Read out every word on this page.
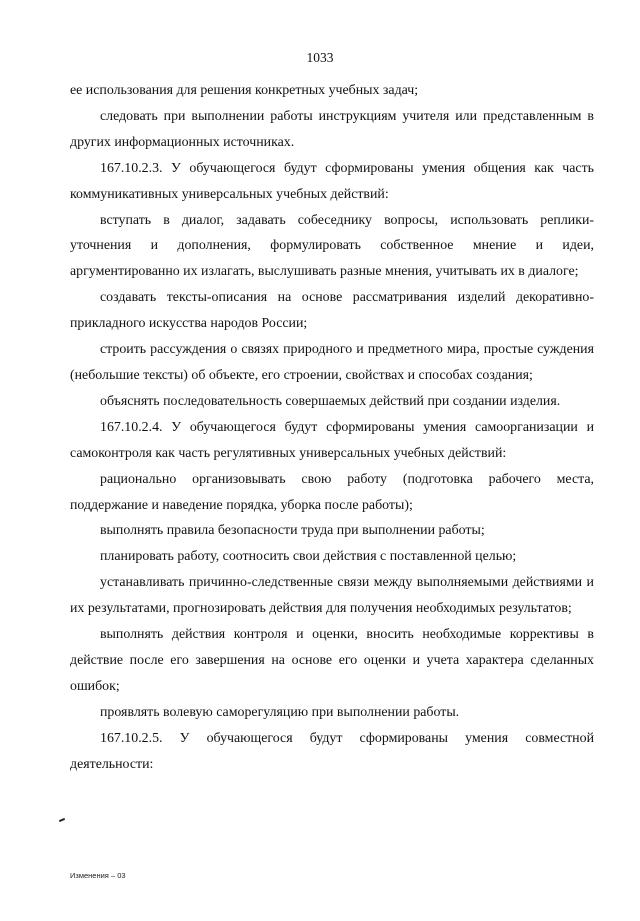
1033

ее использования для решения конкретных учебных задач;

следовать при выполнении работы инструкциям учителя или представленным в других информационных источниках.

167.10.2.3. У обучающегося будут сформированы умения общения как часть коммуникативных универсальных учебных действий:

вступать в диалог, задавать собеседнику вопросы, использовать реплики-уточнения и дополнения, формулировать собственное мнение и идеи, аргументированно их излагать, выслушивать разные мнения, учитывать их в диалоге;

создавать тексты-описания на основе рассматривания изделий декоративно-прикладного искусства народов России;

строить рассуждения о связях природного и предметного мира, простые суждения (небольшие тексты) об объекте, его строении, свойствах и способах создания;

объяснять последовательность совершаемых действий при создании изделия.

167.10.2.4. У обучающегося будут сформированы умения самоорганизации и самоконтроля как часть регулятивных универсальных учебных действий:

рационально организовывать свою работу (подготовка рабочего места, поддержание и наведение порядка, уборка после работы);

выполнять правила безопасности труда при выполнении работы;

планировать работу, соотносить свои действия с поставленной целью;

устанавливать причинно-следственные связи между выполняемыми действиями и их результатами, прогнозировать действия для получения необходимых результатов;

выполнять действия контроля и оценки, вносить необходимые коррективы в действие после его завершения на основе его оценки и учета характера сделанных ошибок;

проявлять волевую саморегуляцию при выполнении работы.

167.10.2.5. У обучающегося будут сформированы умения совместной деятельности:

Изменения – 03
